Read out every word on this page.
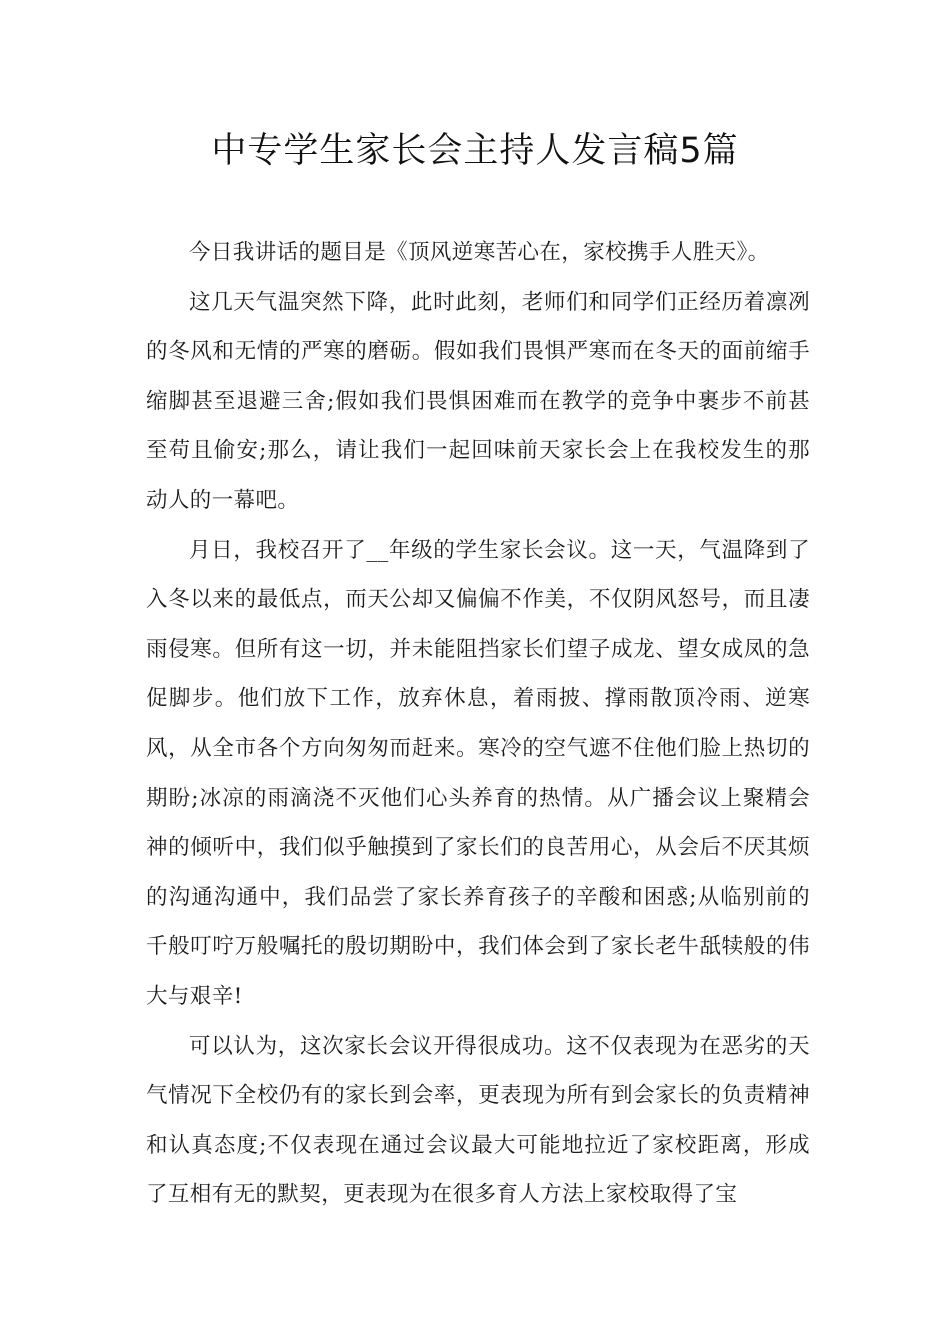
中专学生家长会主持人发言稿5篇

今日我讲话的题目是《顶风逆寒苦心在，家校携手人胜天》。

这几天气温突然下降，此时此刻，老师们和同学们正经历着凛冽的冬风和无情的严寒的磨砺。假如我们畏惧严寒而在冬天的面前缩手缩脚甚至退避三舍;假如我们畏惧困难而在教学的竞争中裹步不前甚至苟且偷安;那么，请让我们一起回味前天家长会上在我校发生的那动人的一幕吧。

月日，我校召开了__年级的学生家长会议。这一天，气温降到了入冬以来的最低点，而天公却又偏偏不作美，不仅阴风怒号，而且凄雨侵寒。但所有这一切，并未能阻挡家长们望子成龙、望女成凤的急促脚步。他们放下工作，放弃休息，着雨披、撑雨散顶冷雨、逆寒风，从全市各个方向匆匆而赶来。寒冷的空气遮不住他们脸上热切的期盼;冰凉的雨滴浇不灭他们心头养育的热情。从广播会议上聚精会神的倾听中，我们似乎触摸到了家长们的良苦用心，从会后不厌其烦的沟通沟通中，我们品尝了家长养育孩子的辛酸和困惑;从临别前的千般叮咛万般嘱托的殷切期盼中，我们体会到了家长老牛舐犊般的伟大与艰辛!

可以认为，这次家长会议开得很成功。这不仅表现为在恶劣的天气情况下全校仍有的家长到会率，更表现为所有到会家长的负责精神和认真态度;不仅表现在通过会议最大可能地拉近了家校距离，形成了互相有无的默契，更表现为在很多育人方法上家校取得了宝
